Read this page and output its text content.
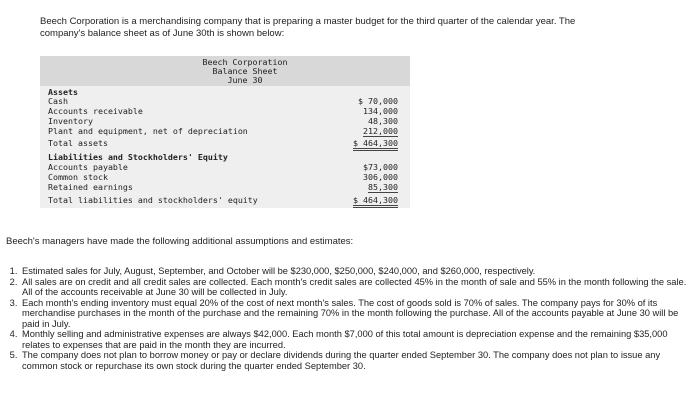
Beech Corporation is a merchandising company that is preparing a master budget for the third quarter of the calendar year. The company's balance sheet as of June 30th is shown below:
Beech Corporation
Balance Sheet
June 30
Assets
Cash	$ 70,000
Accounts receivable	134,000
Inventory	48,300
Plant and equipment, net of depreciation	212,000
Total assets	$ 464,300
Liabilities and Stockholders' Equity
Accounts payable	$73,000
Common stock	306,000
Retained earnings	85,300
Total liabilities and stockholders' equity	$ 464,300
Beech's managers have made the following additional assumptions and estimates:
1. Estimated sales for July, August, September, and October will be $230,000, $250,000, $240,000, and $260,000, respectively.
2. All sales are on credit and all credit sales are collected. Each month's credit sales are collected 45% in the month of sale and 55% in the month following the sale. All of the accounts receivable at June 30 will be collected in July.
3. Each month's ending inventory must equal 20% of the cost of next month's sales. The cost of goods sold is 70% of sales. The company pays for 30% of its merchandise purchases in the month of the purchase and the remaining 70% in the month following the purchase. All of the accounts payable at June 30 will be paid in July.
4. Monthly selling and administrative expenses are always $42,000. Each month $7,000 of this total amount is depreciation expense and the remaining $35,000 relates to expenses that are paid in the month they are incurred.
5. The company does not plan to borrow money or pay or declare dividends during the quarter ended September 30. The company does not plan to issue any common stock or repurchase its own stock during the quarter ended September 30.
